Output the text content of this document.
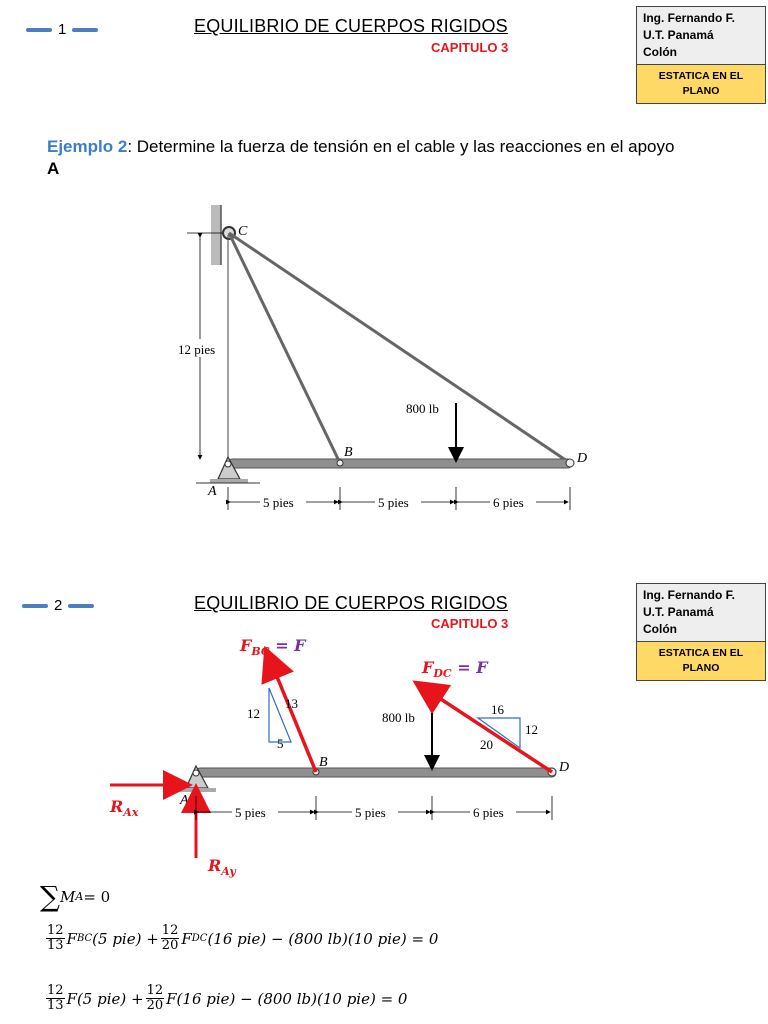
1	EQUILIBRIO DE CUERPOS RIGIDOS
CAPITULO 3
Ing. Fernando F.
U.T. Panamá
Colón
ESTATICA EN EL PLANO
Ejemplo 2: Determine la fuerza de tensión en el cable y las reacciones en el apoyo A
12 pies
800 lb
C
B	D
A
5 pies	5 pies	6 pies
2	EQUILIBRIO DE CUERPOS RIGIDOS
CAPITULO 3
Ing. Fernando F.
U.T. Panamá
Colón
ESTATICA EN EL PLANO
12
13
5
16
12
20
800 lb
B	D
A
5 pies	5 pies	6 pies
$F_{BC} = F$
$F_{DC} = F$
$R_{Ax}$
$R_{Ay}$
∑ M A = 0
$\frac{12}{13}$ F BC (5 $pie) + \frac{12}{20}$ F DC (16 pie) − (800 lb)(10 pie) = 0
$\frac{12}{13} F(5$ $pie) + \frac{12}{20} F(16$ pie) − (800 lb)(10 pie) = 0
